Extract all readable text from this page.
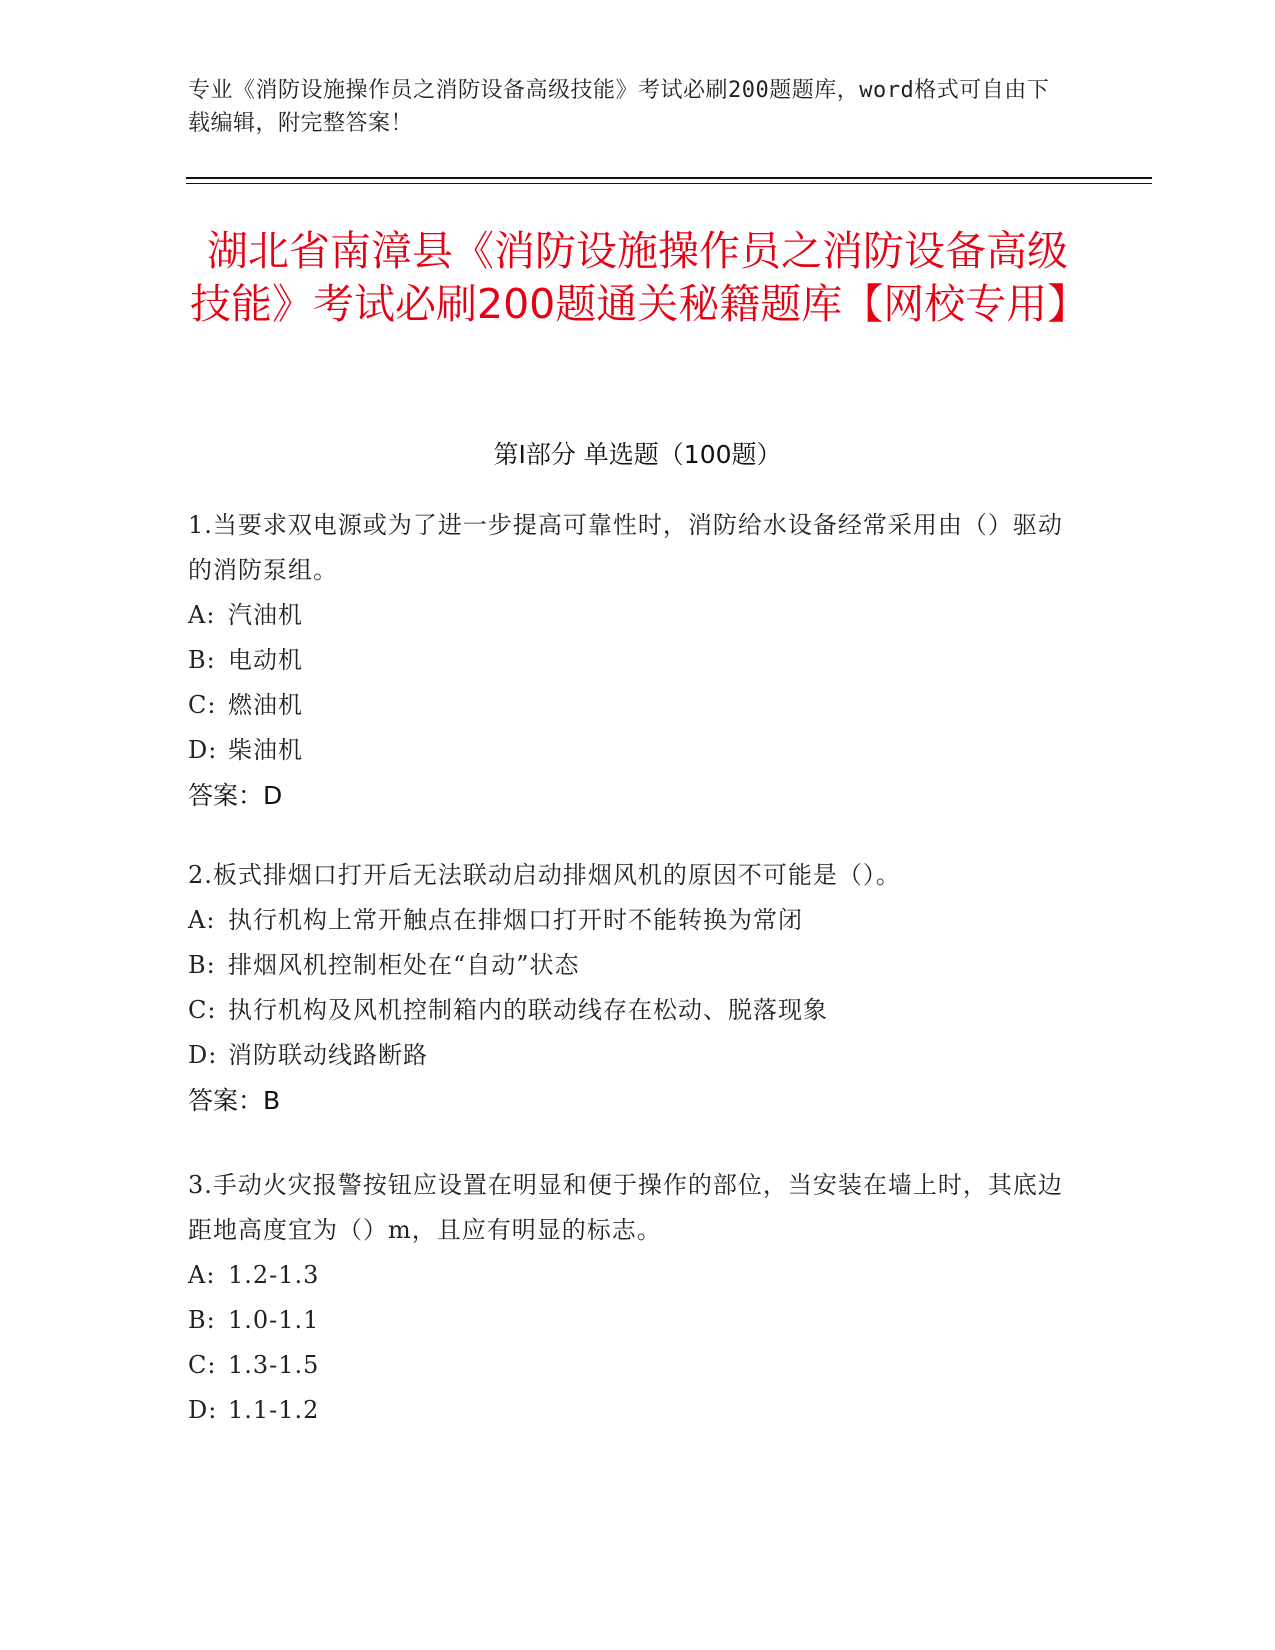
专业《消防设施操作员之消防设备高级技能》考试必刷200题题库，word格式可自由下载编辑，附完整答案！
湖北省南漳县《消防设施操作员之消防设备高级技能》考试必刷200题通关秘籍题库【网校专用】
第Ⅰ部分 单选题（100题）
1.当要求双电源或为了进一步提高可靠性时，消防给水设备经常采用由（）驱动的消防泵组。
A: 汽油机
B: 电动机
C: 燃油机
D: 柴油机
答案：D
2.板式排烟口打开后无法联动启动排烟风机的原因不可能是（）。
A: 执行机构上常开触点在排烟口打开时不能转换为常闭
B: 排烟风机控制柜处在“自动”状态
C: 执行机构及风机控制箱内的联动线存在松动、脱落现象
D: 消防联动线路断路
答案：B
3.手动火灾报警按钮应设置在明显和便于操作的部位，当安装在墙上时，其底边距地高度宜为（）m，且应有明显的标志。
A: 1.2-1.3
B: 1.0-1.1
C: 1.3-1.5
D: 1.1-1.2
